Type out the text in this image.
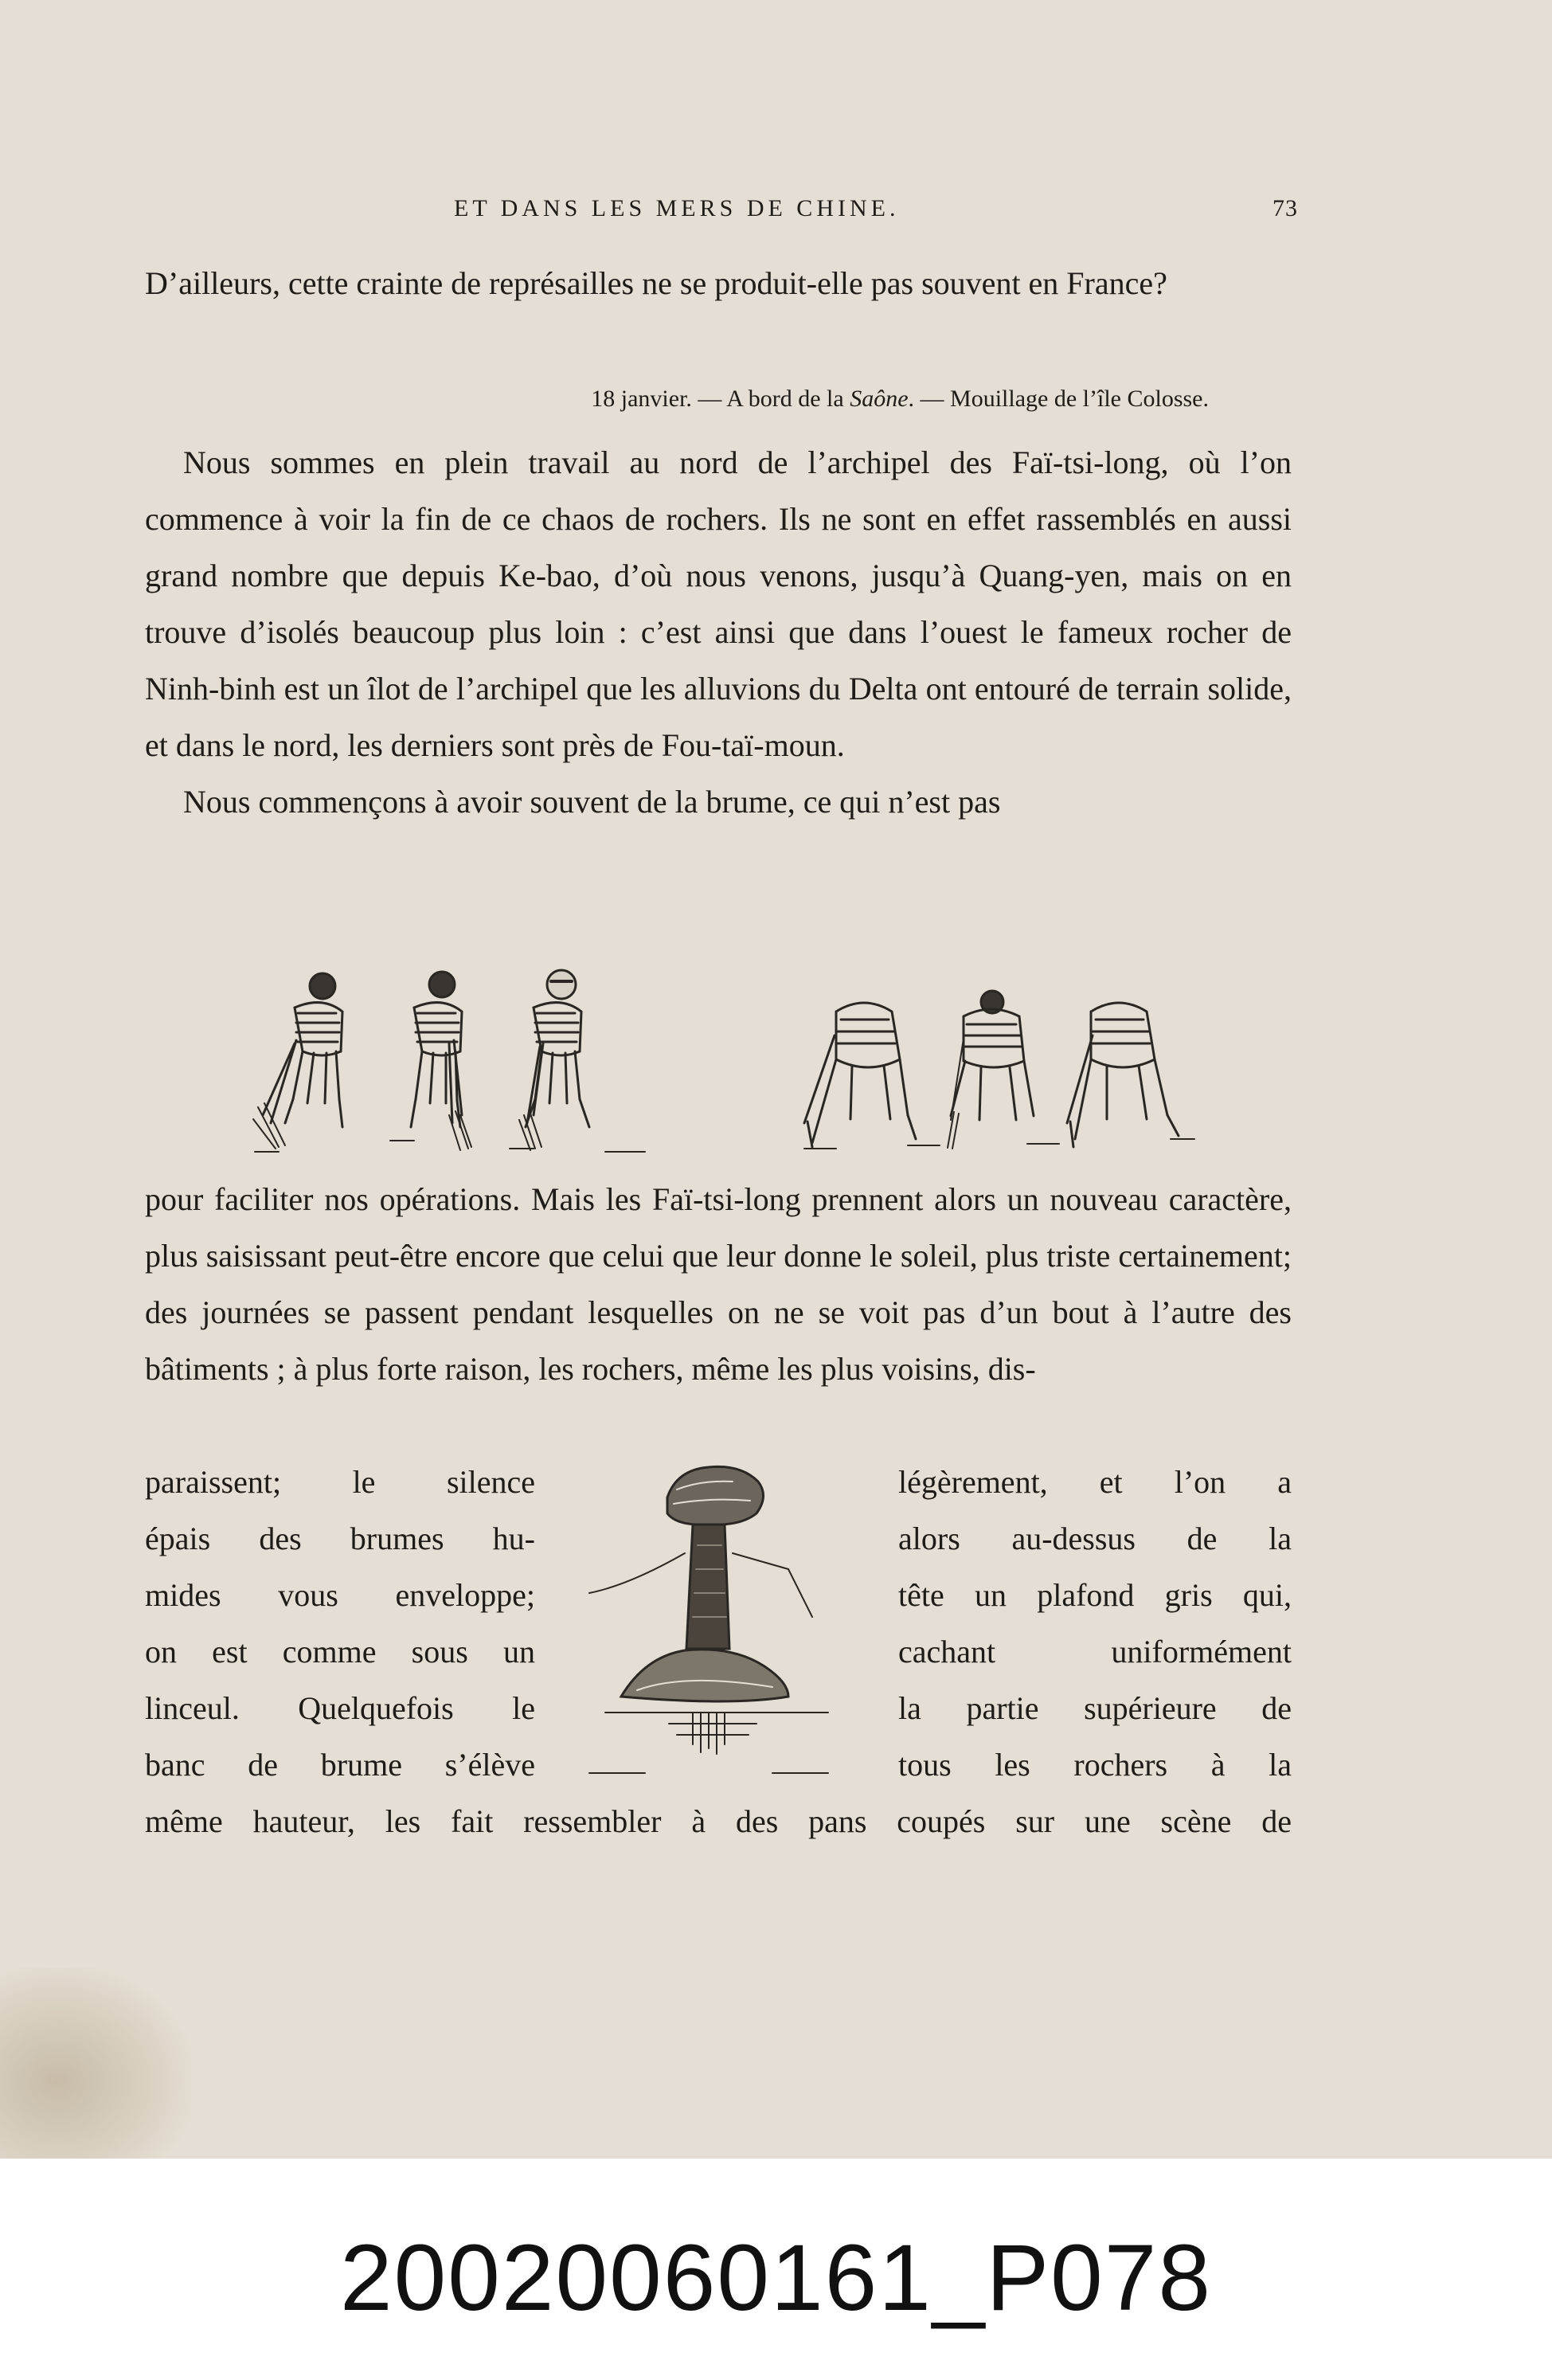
ET DANS LES MERS DE CHINE.	73

D’ailleurs, cette crainte de représailles ne se produit-elle pas souvent en France?

18 janvier. — A bord de la Saône. — Mouillage de l’île Colosse.

Nous sommes en plein travail au nord de l’archipel des Faï-tsi-long, où l’on commence à voir la fin de ce chaos de rochers. Ils ne sont en effet rassemblés en aussi grand nombre que depuis Ke-bao, d’où nous venons, jusqu’à Quang-yen, mais on en trouve d’isolés beaucoup plus loin : c’est ainsi que dans l’ouest le fameux rocher de Ninh-binh est un îlot de l’archipel que les alluvions du Delta ont entouré de terrain solide, et dans le nord, les derniers sont près de Fou-taï-moun.

Nous commençons à avoir souvent de la brume, ce qui n’est pas

pour faciliter nos opérations. Mais les Faï-tsi-long prennent alors un nouveau caractère, plus saisissant peut-être encore que celui que leur donne le soleil, plus triste certainement; des journées se passent pendant lesquelles on ne se voit pas d’un bout à l’autre des bâtiments ; à plus forte raison, les rochers, même les plus voisins, dis-

paraissent; le silence

épais des brumes hu-

mides vous enveloppe;

on est comme sous un

linceul. Quelquefois le

banc de brume s’élève

légèrement, et l’on a

alors au-dessus de la

tête un plafond gris qui,

cachant uniformément

la partie supérieure de

tous les rochers à la

même hauteur, les fait ressembler à des pans coupés sur une scène de
20020060161_P078
